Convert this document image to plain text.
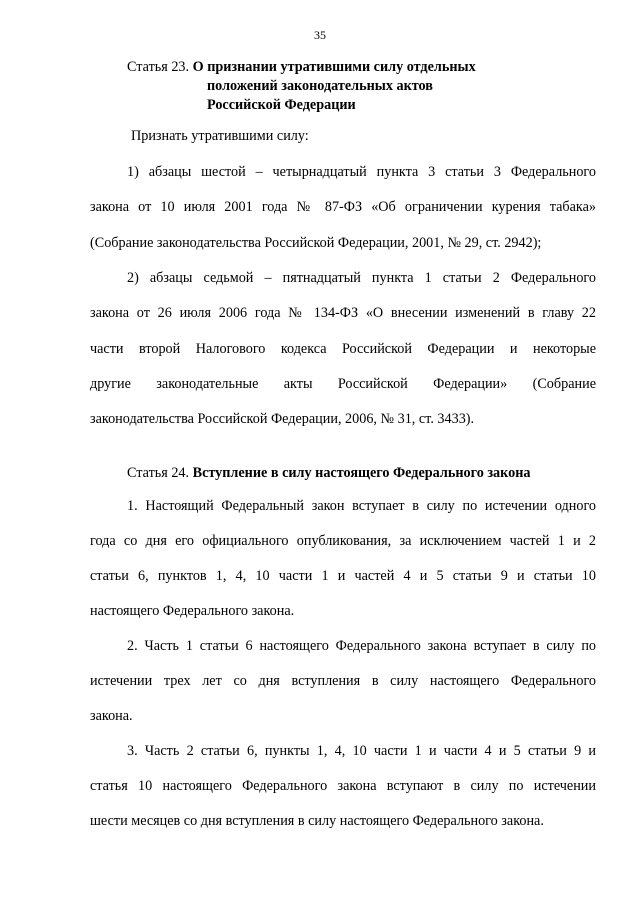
35
Статья 23. О признании утратившими силу отдельных
положений законодательных актов
Российской Федерации
Признать утратившими силу:
1) абзацы шестой – четырнадцатый пункта 3 статьи 3 Федерального
закона от 10 июля 2001 года № 87-ФЗ «Об ограничении курения табака»
(Собрание законодательства Российской Федерации, 2001, № 29, ст. 2942);
2) абзацы седьмой – пятнадцатый пункта 1 статьи 2 Федерального
закона от 26 июля 2006 года № 134-ФЗ «О внесении изменений в главу 22
части второй Налогового кодекса Российской Федерации и некоторые
другие законодательные акты Российской Федерации» (Собрание
законодательства Российской Федерации, 2006, № 31, ст. 3433).
Статья 24. Вступление в силу настоящего Федерального закона
1. Настоящий Федеральный закон вступает в силу по истечении одного
года со дня его официального опубликования, за исключением частей 1 и 2
статьи 6, пунктов 1, 4, 10 части 1 и частей 4 и 5 статьи 9 и статьи 10
настоящего Федерального закона.
2. Часть 1 статьи 6 настоящего Федерального закона вступает в силу по
истечении трех лет со дня вступления в силу настоящего Федерального
закона.
3. Часть 2 статьи 6, пункты 1, 4, 10 части 1 и части 4 и 5 статьи 9 и
статья 10 настоящего Федерального закона вступают в силу по истечении
шести месяцев со дня вступления в силу настоящего Федерального закона.
